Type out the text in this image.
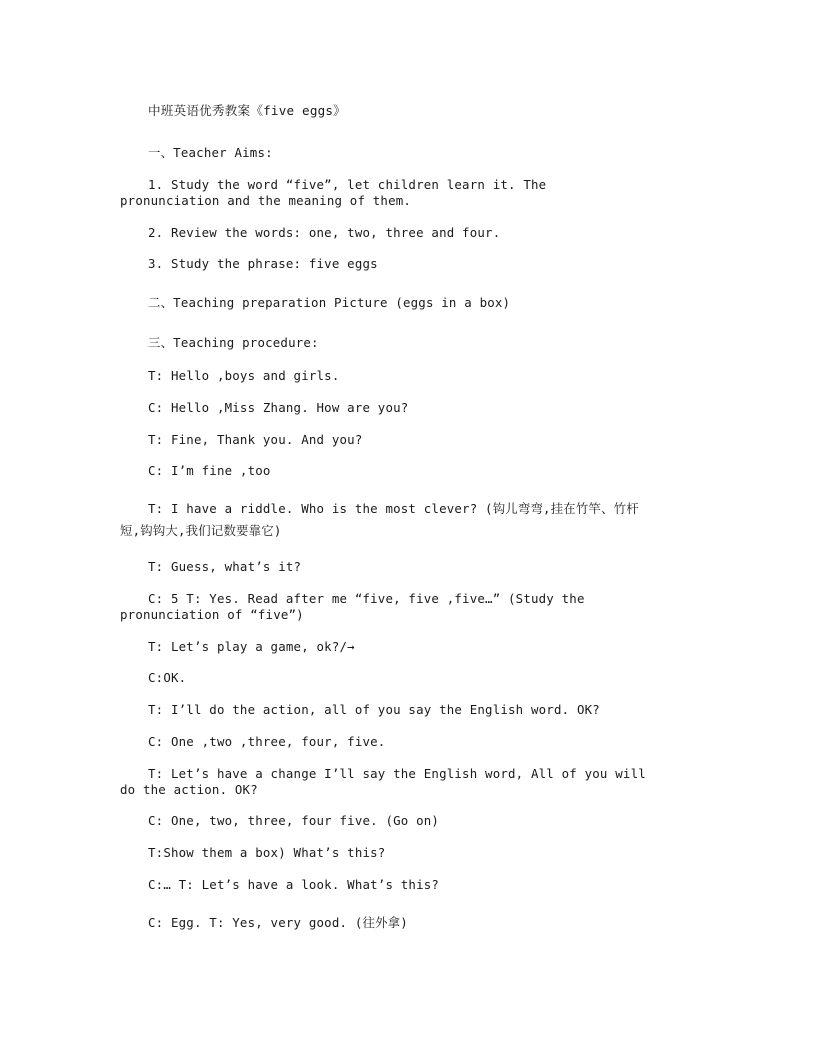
中班英语优秀教案《five eggs》
一、Teacher Aims:
1. Study the word “five”, let children learn it. The
pronunciation and the meaning of them.
2. Review the words: one, two, three and four.
3. Study the phrase: five eggs
二、Teaching preparation Picture (eggs in a box)
三、Teaching procedure:
T: Hello ,boys and girls.
C: Hello ,Miss Zhang. How are you?
T: Fine, Thank you. And you?
C: I’m fine ,too
T: I have a riddle. Who is the most clever? (钩儿弯弯,挂在竹竿、竹杆
短,钩钩大,我们记数要靠它)
T: Guess, what’s it?
C: 5 T: Yes. Read after me “five, five ,five…” (Study the
pronunciation of “five”)
T: Let’s play a game, ok?/→
C:OK.
T: I’ll do the action, all of you say the English word. OK?
C: One ,two ,three, four, five.
T: Let’s have a change I’ll say the English word, All of you will
do the action. OK?
C: One, two, three, four five. (Go on)
T:Show them a box) What’s this?
C:… T: Let’s have a look. What’s this?
C: Egg. T: Yes, very good. (往外拿)
